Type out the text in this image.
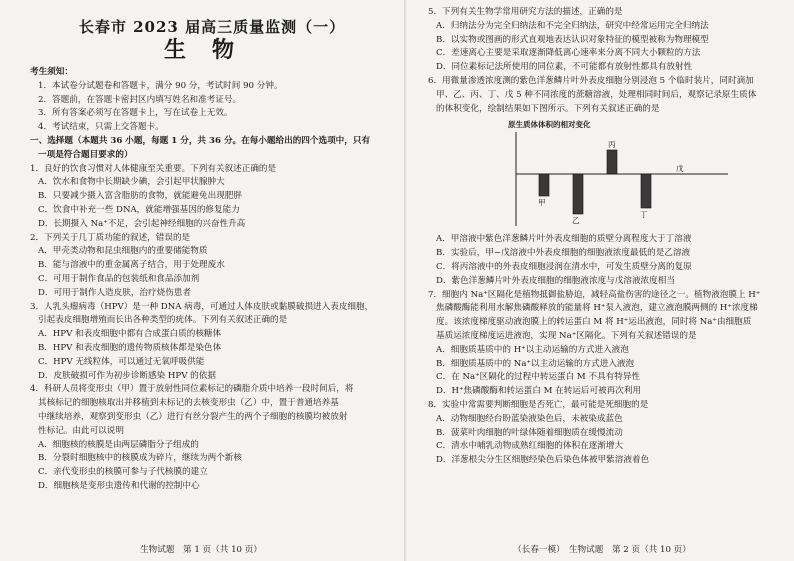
长春市 2023 届高三质量监测（一）
生物
考生须知：
1．本试卷分试题卷和答题卡，满分 90 分，考试时间 90 分钟。
2．答题前，在答题卡密封区内填写姓名和准考证号。
3．所有答案必须写在答题卡上，写在试卷上无效。
4．考试结束，只需上交答题卡。
一、选择题（本题共 36 小题，每题 1 分，共 36 分。在每小题给出的四个选项中，只有
一项是符合题目要求的）
1．良好的饮食习惯对人体健康至关重要。下列有关叙述正确的是
A．饮水和食物中长期缺少碘，会引起甲状腺肿大
B．只要减少摄入富含脂肪的食物，就能避免出现肥胖
C．饮食中补充一些 DNA，就能增强基因的修复能力
D．长期摄入 Na⁺不足，会引起神经细胞的兴奋性升高
2．下列关于几丁质功能的叙述，错误的是
A．甲壳类动物和昆虫细胞内的重要储能物质
B．能与溶液中的重金属离子结合，用于处理废水
C．可用于制作食品的包装纸和食品添加剂
D．可用于制作人造皮肤，治疗烧伤患者
3．人乳头瘤病毒（HPV）是一种 DNA 病毒，可通过人体皮肤或黏膜破损进入表皮细胞，
引起表皮细胞增殖而长出各种类型的疣体。下列有关叙述正确的是
A．HPV 和表皮细胞中都有合成蛋白质的核糖体
B．HPV 和表皮细胞的遗传物质核体都是染色体
C．HPV 无线粒体，可以通过无氧呼吸供能
D．皮肤破损可作为初步诊断感染 HPV 的依据
4．科研人员将变形虫（甲）置于放射性同位素标记的磷脂介质中培养一段时间后，将
其核标记的细胞核取出并移植到未标记的去核变形虫（乙）中，置于普通培养基
中继续培养，观察到变形虫（乙）进行有丝分裂产生的两个子细胞的核膜均被放射
性标记。由此可以说明
A．细胞核的核膜是由两层磷脂分子组成的
B．分裂时细胞核中的核膜成为碎片，继续为两个新核
C．亲代变形虫的核膜可参与子代核膜的建立
D．细胞核是变形虫遗传和代谢的控制中心
生物试题　第 1 页（共 10 页）
5．下列有关生物学常用研究方法的描述，正确的是
A．归纳法分为完全归纳法和不完全归纳法，研究中经常运用完全归纳法
B．以实物或图画的形式直观地表达认识对象特征的模型被称为物理模型
C．差速离心主要是采取逐渐降低离心速率来分离不同大小颗粒的方法
D．同位素标记法所使用的同位素，不可能都有放射性都具有放射性
6．用微量渗透浓度测的紫色洋葱鳞片叶外表皮细胞分别浸泡 5 个临时装片，同时滴加
甲、乙、丙、丁、戊 5 种不同浓度的蔗糖溶液，处理相同时间后，观察记录原生质体
的体积变化，绘制结果如下图所示。下列有关叙述正确的是
原生质体体积的相对变化
甲
乙
丙
丁
戊
A．甲溶液中紫色洋葱鳞片叶外表皮细胞的质壁分离程度大于丁溶液
B．实验后，甲~戊溶液中外表皮细胞的细胞液浓度最低的是乙溶液
C．将丙溶液中的外表皮细胞浸润在清水中，可发生质壁分离的复原
D．紫色洋葱鳞片叶外表皮细胞的细胞液浓度与戊溶液浓度相当
7．细胞内 Na⁺区隔化是植物抵御盐胁迫，减轻高盐伤害的途径之一。植物液泡膜上 H⁺
焦磷酸酶能利用水解焦磷酸释放的能量将 H⁺泵入液泡，建立液泡膜两侧的 H⁺浓度梯
度。该浓度梯度驱动液泡膜上的转运蛋白 M 将 H⁺运出液泡，同时将 Na⁺由细胞质
基质运浓度梯度运进液泡，实现 Na⁺区隔化。下列有关叙述错误的是
A．细胞质基质中的 H⁺以主动运输的方式进入液泡
B．细胞质基质中的 Na⁺以主动运输的方式进入液泡
C．在 Na⁺区隔化的过程中转运蛋白 M 不具有特异性
D．H⁺焦磷酸酶和转运蛋白 M 在转运后可被再次利用
8．实验中常需要判断细胞是否死亡，最可能是死细胞的是
A．动物细胞经台盼蓝染液染色后，未被染成蓝色
B．菠菜叶肉细胞的叶绿体随着细胞质在缓慢流动
C．清水中哺乳动物成熟红细胞的体积在逐渐增大
D．洋葱根尖分生区细胞经染色后染色体被甲紫溶液着色
（长春一模）　生物试题　第 2 页（共 10 页）
